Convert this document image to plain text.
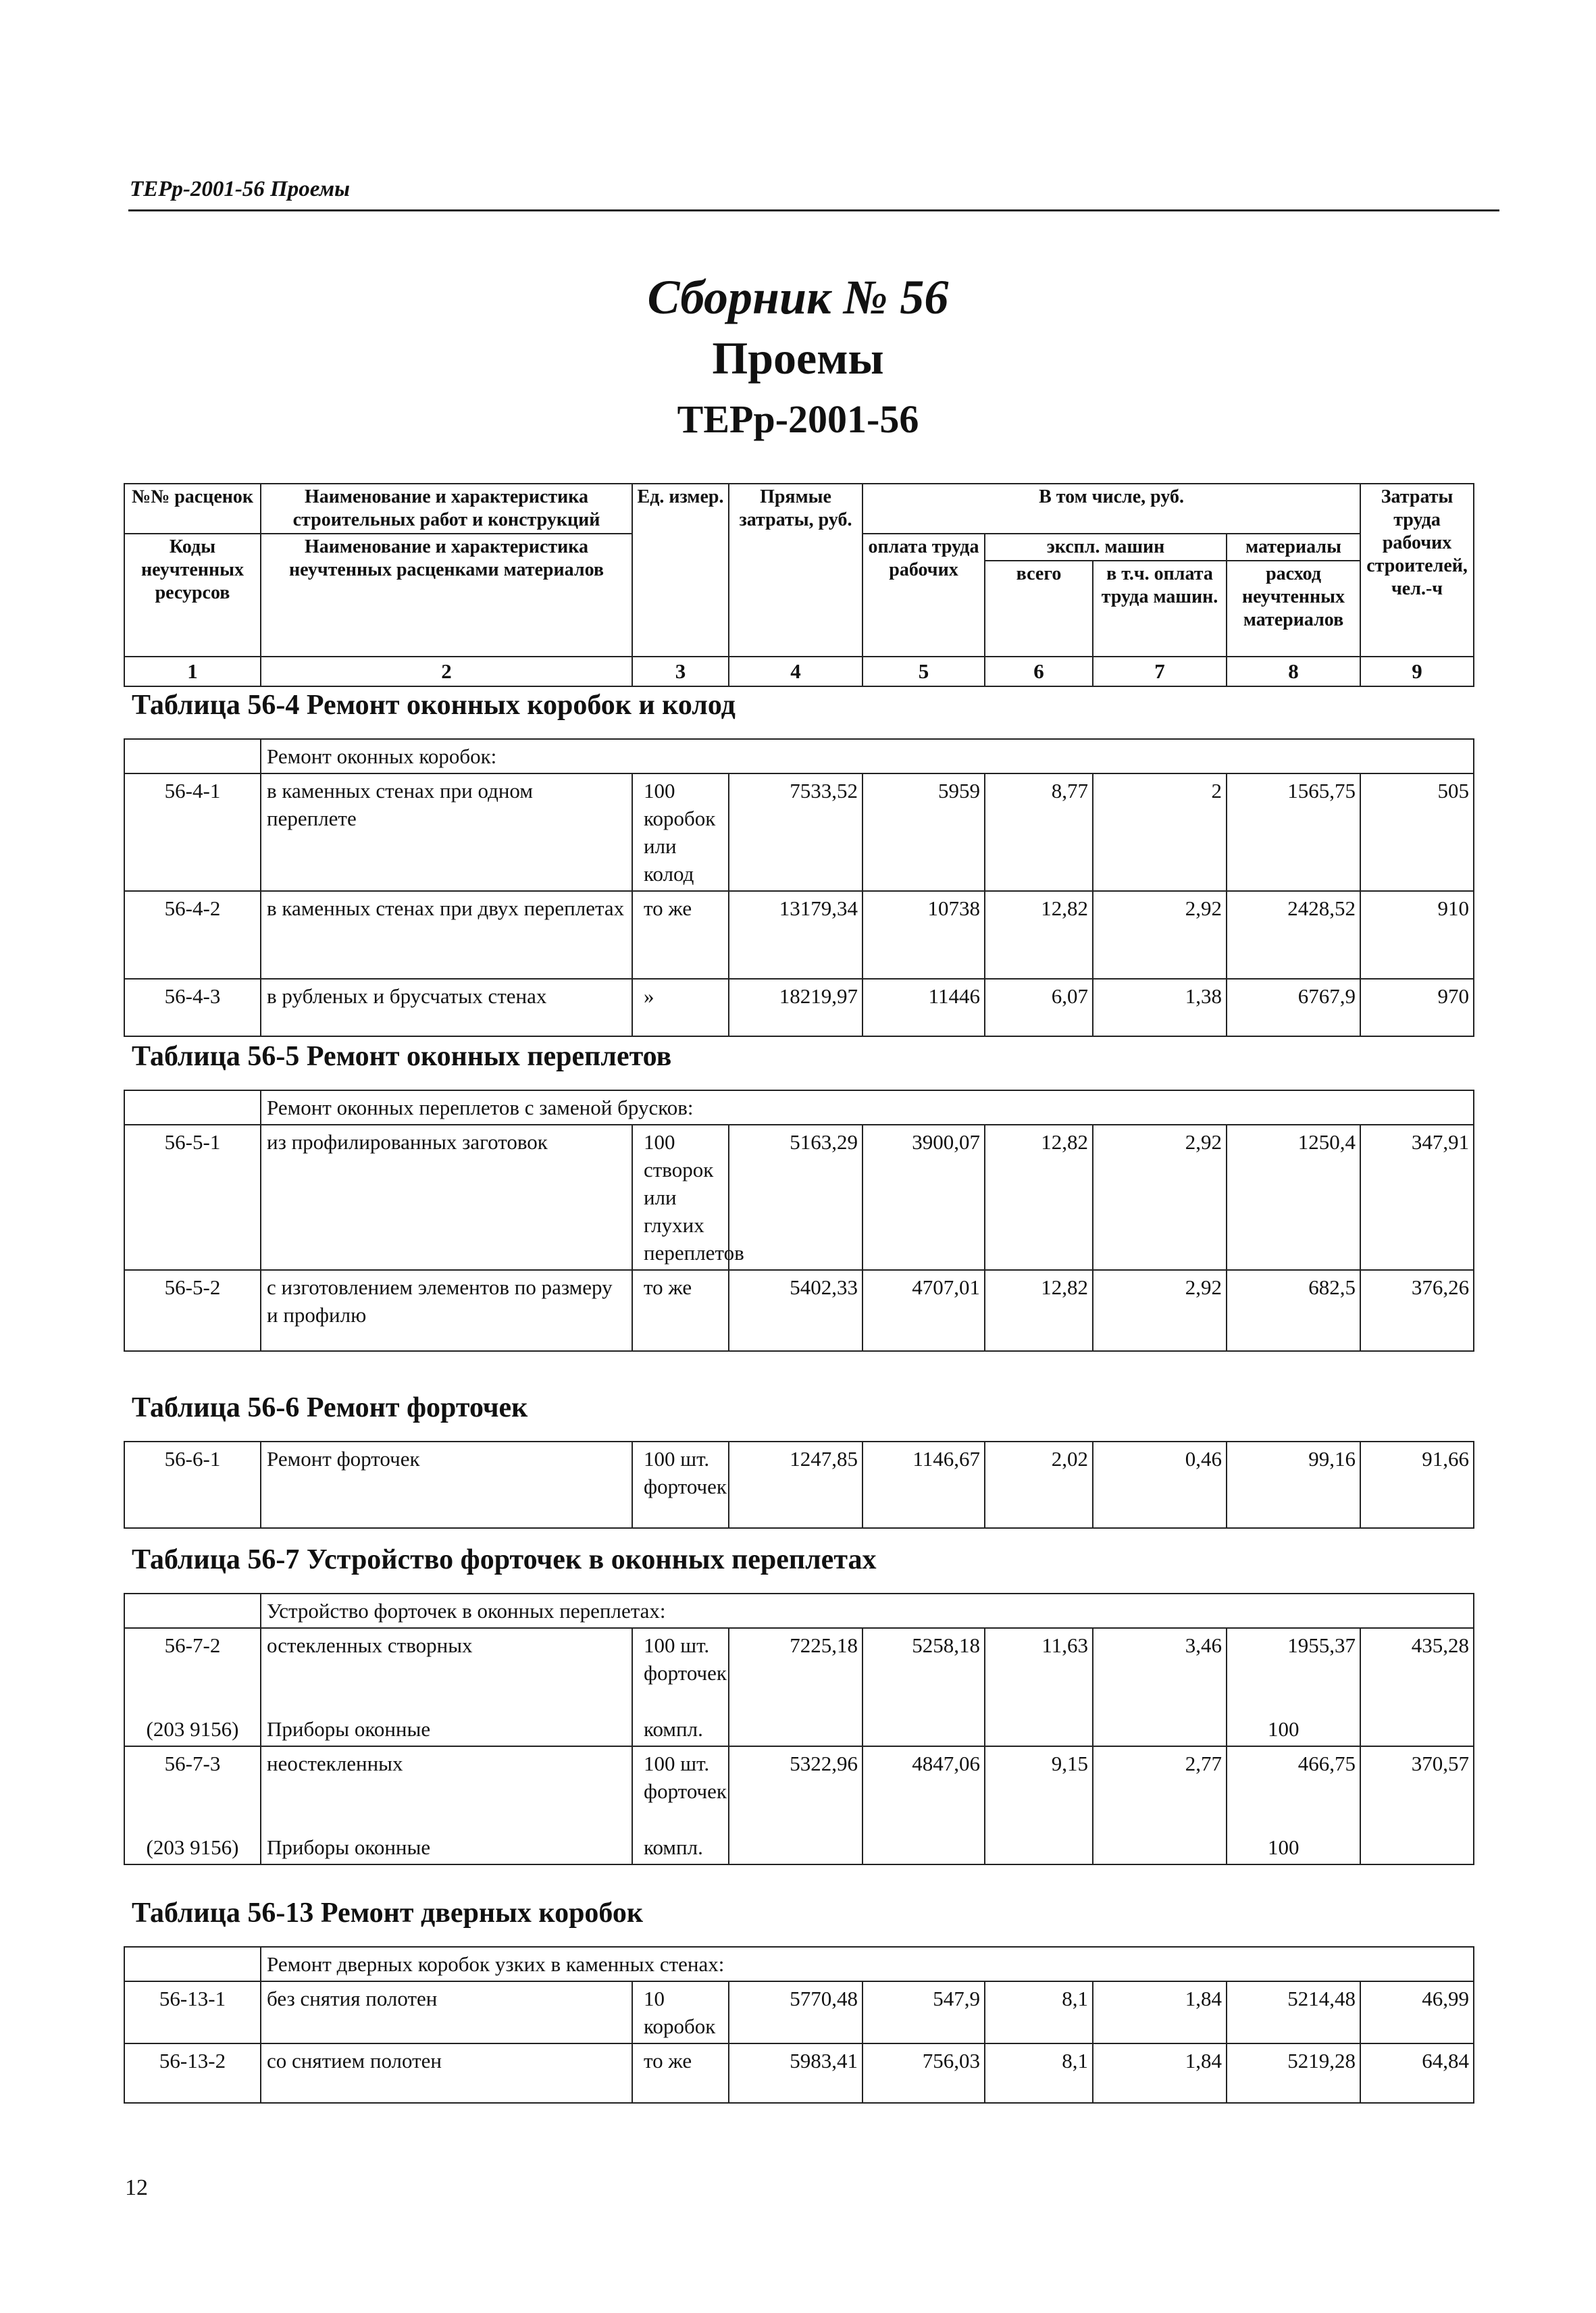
ТЕРр-2001-56 Проемы
Сборник № 56
Проемы
ТЕРр-2001-56
№№ расценок	Наименование и характеристика строительных работ и конструкций	Ед. измер.	Прямые затраты, руб.	В том числе, руб.				Затраты труда рабочих строителей, чел.-ч
Коды неучтенных ресурсов	Наименование и характеристика неучтенных расценками материалов			оплата труда рабочих	экспл. машин		материалы	
					всего	в т.ч. оплата труда машин.	расход неучтенных материалов	
1	2	3	4	5	6	7	8	9
Таблица 56-4 Ремонт оконных коробок и колод
	Ремонт оконных коробок:							
56-4-1	в каменных стенах при одном переплете	100 коробок или колод	7533,52	5959	8,77	2	1565,75	505
56-4-2	в каменных стенах при двух переплетах	то же	13179,34	10738	12,82	2,92	2428,52	910
56-4-3	в рубленых и брусчатых стенах	»	18219,97	11446	6,07	1,38	6767,9	970
Таблица 56-5 Ремонт оконных переплетов
	Ремонт оконных переплетов с заменой брусков:							
56-5-1	из профилированных заготовок	100 створок или глухих переплетов	5163,29	3900,07	12,82	2,92	1250,4	347,91
56-5-2	с изготовлением элементов по размеру и профилю	то же	5402,33	4707,01	12,82	2,92	682,5	376,26
Таблица 56-6 Ремонт форточек
56-6-1	Ремонт форточек	100 шт. форточек	1247,85	1146,67	2,02	0,46	99,16	91,66
Таблица 56-7 Устройство форточек в оконных переплетах
	Устройство форточек в оконных переплетах:							
56-7-2	остекленных створных	100 шт. форточек	7225,18	5258,18	11,63	3,46	1955,37	435,28
(203 9156)	Приборы оконные	компл.					100	
56-7-3	неостекленных	100 шт. форточек	5322,96	4847,06	9,15	2,77	466,75	370,57
(203 9156)	Приборы оконные	компл.					100	
Таблица 56-13 Ремонт дверных коробок
	Ремонт дверных коробок узких в каменных стенах:							
56-13-1	без снятия полотен	10 коробок	5770,48	547,9	8,1	1,84	5214,48	46,99
56-13-2	со снятием полотен	то же	5983,41	756,03	8,1	1,84	5219,28	64,84
12
